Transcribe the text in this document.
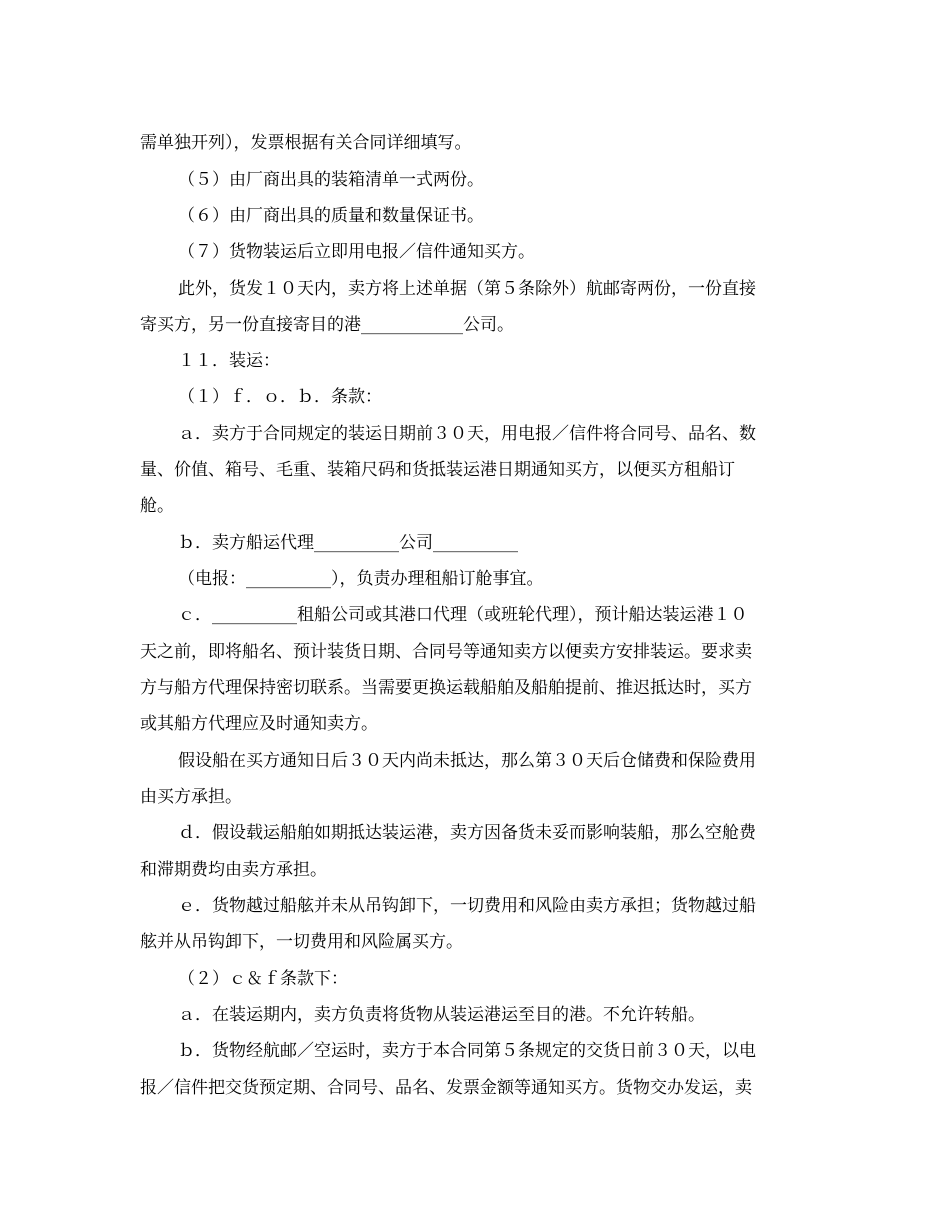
需单独开列），发票根据有关合同详细填写。
（５）由厂商出具的装箱清单一式两份。
（６）由厂商出具的质量和数量保证书。
（７）货物装运后立即用电报／信件通知买方。
此外，货发１０天内，卖方将上述单据（第５条除外）航邮寄两份，一份直接
寄买方，另一份直接寄目的港____________公司。
１１．装运：
（１）ｆ．ｏ．ｂ．条款：
ａ．卖方于合同规定的装运日期前３０天，用电报／信件将合同号、品名、数
量、价值、箱号、毛重、装箱尺码和货抵装运港日期通知买方，以便买方租船订
舱。
ｂ．卖方船运代理__________公司__________
（电报：__________），负责办理租船订舱事宜。
ｃ．__________租船公司或其港口代理（或班轮代理），预计船达装运港１０
天之前，即将船名、预计装货日期、合同号等通知卖方以便卖方安排装运。要求卖
方与船方代理保持密切联系。当需要更换运载船舶及船舶提前、推迟抵达时，买方
或其船方代理应及时通知卖方。
假设船在买方通知日后３０天内尚未抵达，那么第３０天后仓储费和保险费用
由买方承担。
ｄ．假设载运船舶如期抵达装运港，卖方因备货未妥而影响装船，那么空舱费
和滞期费均由卖方承担。
ｅ．货物越过船舷并未从吊钩卸下，一切费用和风险由卖方承担；货物越过船
舷并从吊钩卸下，一切费用和风险属买方。
（２）ｃ＆ｆ条款下：
ａ．在装运期内，卖方负责将货物从装运港运至目的港。不允许转船。
ｂ．货物经航邮／空运时，卖方于本合同第５条规定的交货日前３０天，以电
报／信件把交货预定期、合同号、品名、发票金额等通知买方。货物交办发运，卖
